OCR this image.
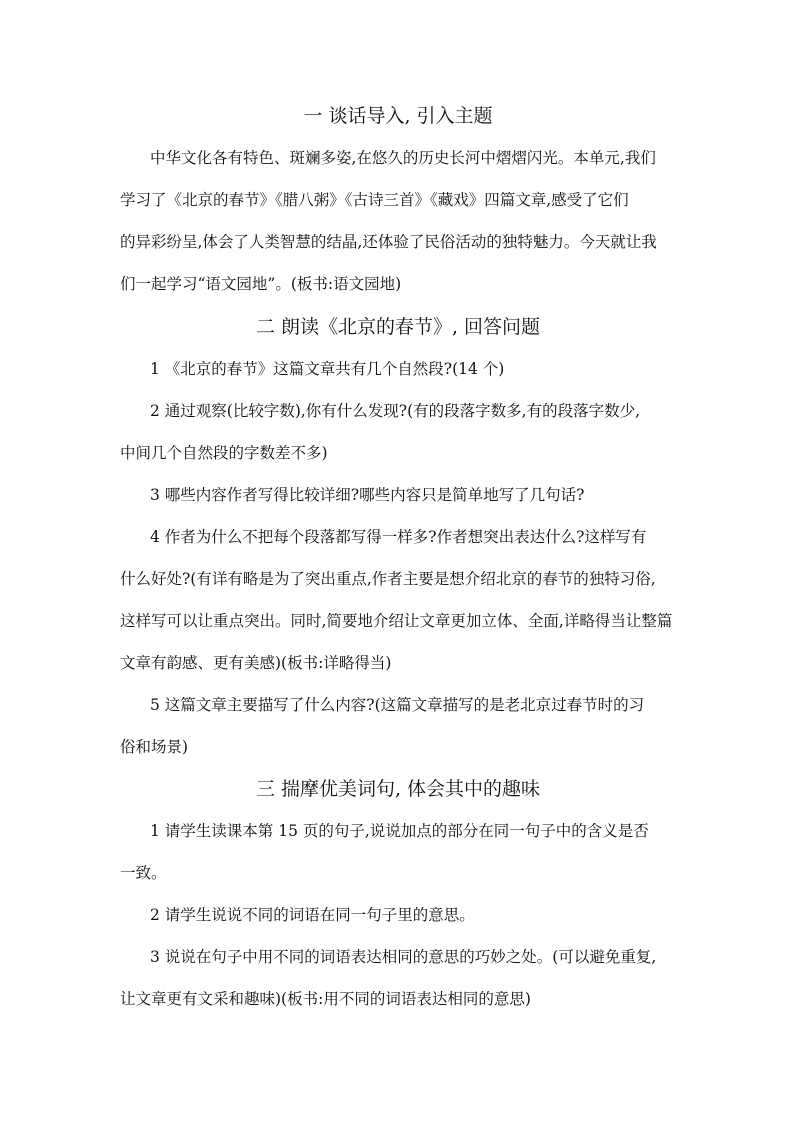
一 谈话导入, 引入主题
中华文化各有特色、斑斓多姿,在悠久的历史长河中熠熠闪光。本单元,我们
学习了《北京的春节》《腊八粥》《古诗三首》《藏戏》四篇文章,感受了它们
的异彩纷呈,体会了人类智慧的结晶,还体验了民俗活动的独特魅力。今天就让我
们一起学习“语文园地”。(板书:语文园地)
二 朗读《北京的春节》, 回答问题
1 《北京的春节》这篇文章共有几个自然段?(14 个)
2 通过观察(比较字数),你有什么发现?(有的段落字数多,有的段落字数少,
中间几个自然段的字数差不多)
3 哪些内容作者写得比较详细?哪些内容只是简单地写了几句话?
4 作者为什么不把每个段落都写得一样多?作者想突出表达什么?这样写有
什么好处?(有详有略是为了突出重点,作者主要是想介绍北京的春节的独特习俗,
这样写可以让重点突出。同时,简要地介绍让文章更加立体、全面,详略得当让整篇
文章有韵感、更有美感)(板书:详略得当)
5 这篇文章主要描写了什么内容?(这篇文章描写的是老北京过春节时的习
俗和场景)
三 揣摩优美词句, 体会其中的趣味
1 请学生读课本第 15 页的句子,说说加点的部分在同一句子中的含义是否
一致。
2 请学生说说不同的词语在同一句子里的意思。
3 说说在句子中用不同的词语表达相同的意思的巧妙之处。(可以避免重复,
让文章更有文采和趣味)(板书:用不同的词语表达相同的意思)
